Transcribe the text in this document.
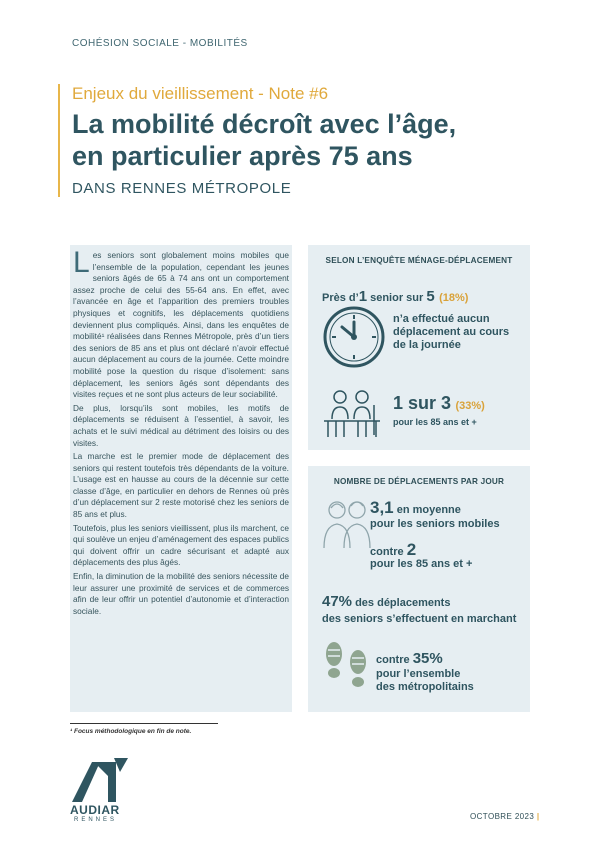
COHÉSION SOCIALE - MOBILITÉS
Enjeux du vieillissement - Note #6
La mobilité décroît avec l’âge,
en particulier après 75 ans
DANS RENNES MÉTROPOLE

Les seniors sont globalement moins mobiles que l’ensemble de la population, cependant les jeunes seniors âgés de 65 à 74 ans ont un comportement assez proche de celui des 55-64 ans. En effet, avec l’avancée en âge et l’apparition des premiers troubles physiques et cognitifs, les déplacements quotidiens deviennent plus compliqués. Ainsi, dans les enquêtes de mobilité¹ réalisées dans Rennes Métropole, près d’un tiers des seniors de 85 ans et plus ont déclaré n’avoir effectué aucun déplacement au cours de la journée. Cette moindre mobilité pose la question du risque d’isolement: sans déplacement, les seniors âgés sont dépendants des visites reçues et ne sont plus acteurs de leur sociabilité.

De plus, lorsqu’ils sont mobiles, les motifs de déplacements se réduisent à l’essentiel, à savoir, les achats et le suivi médical au détriment des loisirs ou des visites.

La marche est le premier mode de déplacement des seniors qui restent toutefois très dépendants de la voiture. L’usage est en hausse au cours de la décennie sur cette classe d’âge, en particulier en dehors de Rennes où près d’un déplacement sur 2 reste motorisé chez les seniors de 85 ans et plus.

Toutefois, plus les seniors vieillissent, plus ils marchent, ce qui soulève un enjeu d’aménagement des espaces publics qui doivent offrir un cadre sécurisant et adapté aux déplacements des plus âgés.

Enfin, la diminution de la mobilité des seniors nécessite de leur assurer une proximité de services et de commerces afin de leur offrir un potentiel d’autonomie et d’interaction sociale.

¹ Focus méthodologique en fin de note.
SELON L’ENQUÊTE MÉNAGE-DÉPLACEMENT
Près d’1 senior sur 5 (18%)
n’a effectué aucun déplacement au cours de la journée
1 sur 3 (33%)
pour les 85 ans et +
NOMBRE DE DÉPLACEMENTS PAR JOUR
3,1 en moyenne
pour les seniors mobiles
contre 2
pour les 85 ans et +
47% des déplacements
des seniors s’effectuent en marchant
contre 35%
pour l’ensemble
des métropolitains
AUDIAR
RENNES	OCTOBRE 2023 |
